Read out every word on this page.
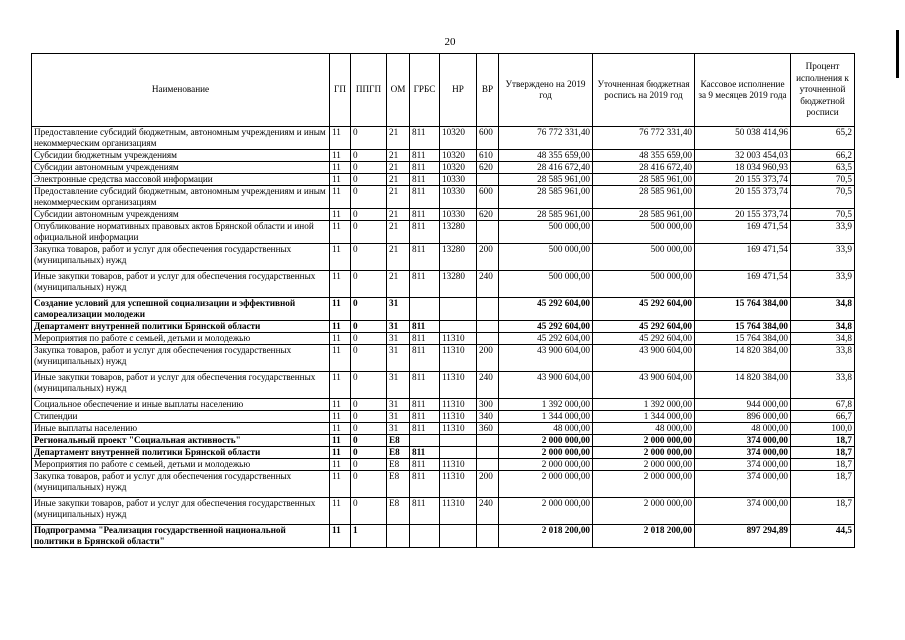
20
Наименование	ГП	ППГП	ОМ	ГРБС	НР	ВР	Утверждено на 2019 год	Уточненная бюджетная роспись на 2019 год	Кассовое исполнение за 9 месяцев 2019 года	Процент исполнения к уточненной бюджетной росписи
Предоставление субсидий бюджетным, автономным учреждениям и иным некоммерческим организациям	11	0	21	811	10320	600	76 772 331,40	76 772 331,40	50 038 414,96	65,2
Субсидии бюджетным учреждениям	11	0	21	811	10320	610	48 355 659,00	48 355 659,00	32 003 454,03	66,2
Субсидии автономным учреждениям	11	0	21	811	10320	620	28 416 672,40	28 416 672,40	18 034 960,93	63,5
Электронные средства массовой информации	11	0	21	811	10330		28 585 961,00	28 585 961,00	20 155 373,74	70,5
Предоставление субсидий бюджетным, автономным учреждениям и иным некоммерческим организациям	11	0	21	811	10330	600	28 585 961,00	28 585 961,00	20 155 373,74	70,5
Субсидии автономным учреждениям	11	0	21	811	10330	620	28 585 961,00	28 585 961,00	20 155 373,74	70,5
Опубликование нормативных правовых актов Брянской области и иной официальной информации	11	0	21	811	13280		500 000,00	500 000,00	169 471,54	33,9
Закупка товаров, работ и услуг для обеспечения государственных (муниципальных) нужд	11	0	21	811	13280	200	500 000,00	500 000,00	169 471,54	33,9
Иные закупки товаров, работ и услуг для обеспечения государственных (муниципальных) нужд	11	0	21	811	13280	240	500 000,00	500 000,00	169 471,54	33,9
Создание условий для успешной социализации и эффективной самореализации молодежи	11	0	31				45 292 604,00	45 292 604,00	15 764 384,00	34,8
Департамент внутренней политики Брянской области	11	0	31	811			45 292 604,00	45 292 604,00	15 764 384,00	34,8
Мероприятия по работе с семьей, детьми и молодежью	11	0	31	811	11310		45 292 604,00	45 292 604,00	15 764 384,00	34,8
Закупка товаров, работ и услуг для обеспечения государственных (муниципальных) нужд	11	0	31	811	11310	200	43 900 604,00	43 900 604,00	14 820 384,00	33,8
Иные закупки товаров, работ и услуг для обеспечения государственных (муниципальных) нужд	11	0	31	811	11310	240	43 900 604,00	43 900 604,00	14 820 384,00	33,8
Социальное обеспечение и иные выплаты населению	11	0	31	811	11310	300	1 392 000,00	1 392 000,00	944 000,00	67,8
Стипендии	11	0	31	811	11310	340	1 344 000,00	1 344 000,00	896 000,00	66,7
Иные выплаты населению	11	0	31	811	11310	360	48 000,00	48 000,00	48 000,00	100,0
Региональный проект "Социальная активность"	11	0	E8				2 000 000,00	2 000 000,00	374 000,00	18,7
Департамент внутренней политики Брянской области	11	0	E8	811			2 000 000,00	2 000 000,00	374 000,00	18,7
Мероприятия по работе с семьей, детьми и молодежью	11	0	E8	811	11310		2 000 000,00	2 000 000,00	374 000,00	18,7
Закупка товаров, работ и услуг для обеспечения государственных (муниципальных) нужд	11	0	E8	811	11310	200	2 000 000,00	2 000 000,00	374 000,00	18,7
Иные закупки товаров, работ и услуг для обеспечения государственных (муниципальных) нужд	11	0	E8	811	11310	240	2 000 000,00	2 000 000,00	374 000,00	18,7
Подпрограмма "Реализация государственной национальной политики в Брянской области"	11	1					2 018 200,00	2 018 200,00	897 294,89	44,5
